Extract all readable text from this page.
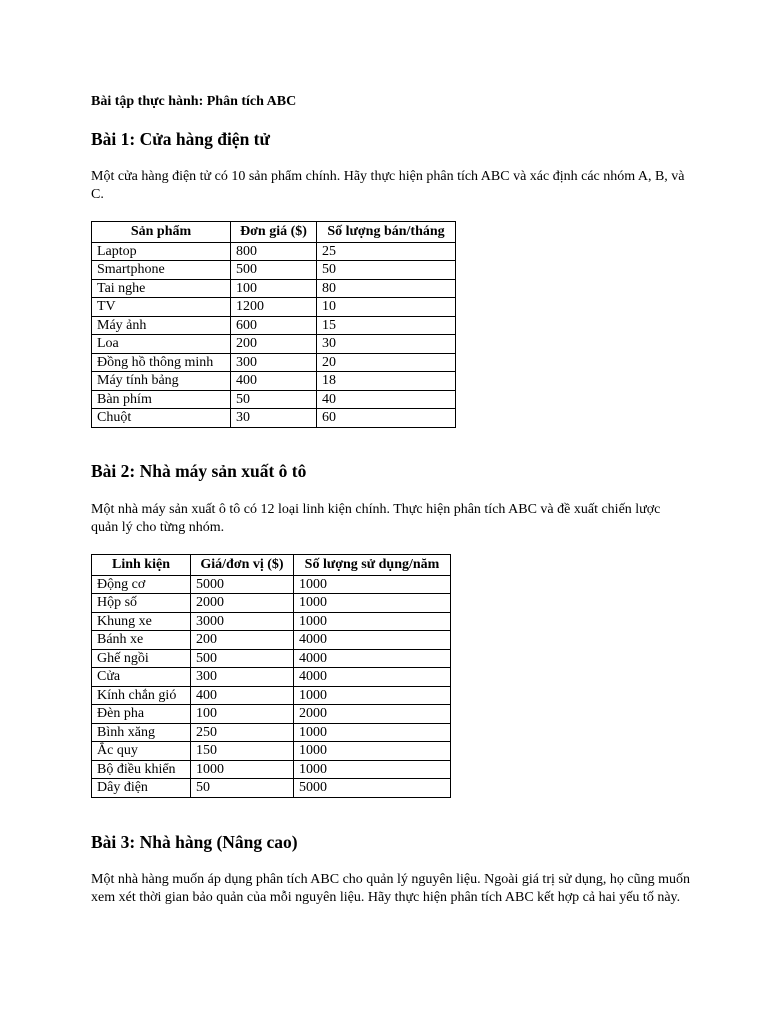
Bài tập thực hành: Phân tích ABC
Bài 1: Cửa hàng điện tử
Một cửa hàng điện tử có 10 sản phẩm chính. Hãy thực hiện phân tích ABC và xác định các nhóm A, B, và C.
Sản phẩm	Đơn giá ($)	Số lượng bán/tháng
Laptop	800	25
Smartphone	500	50
Tai nghe	100	80
TV	1200	10
Máy ảnh	600	15
Loa	200	30
Đồng hồ thông minh	300	20
Máy tính bảng	400	18
Bàn phím	50	40
Chuột	30	60
Bài 2: Nhà máy sản xuất ô tô
Một nhà máy sản xuất ô tô có 12 loại linh kiện chính. Thực hiện phân tích ABC và đề xuất chiến lược quản lý cho từng nhóm.
Linh kiện	Giá/đơn vị ($)	Số lượng sử dụng/năm
Động cơ	5000	1000
Hộp số	2000	1000
Khung xe	3000	1000
Bánh xe	200	4000
Ghế ngồi	500	4000
Cửa	300	4000
Kính chắn gió	400	1000
Đèn pha	100	2000
Bình xăng	250	1000
Ắc quy	150	1000
Bộ điều khiển	1000	1000
Dây điện	50	5000
Bài 3: Nhà hàng (Nâng cao)
Một nhà hàng muốn áp dụng phân tích ABC cho quản lý nguyên liệu. Ngoài giá trị sử dụng, họ cũng muốn xem xét thời gian bảo quản của mỗi nguyên liệu. Hãy thực hiện phân tích ABC kết hợp cả hai yếu tố này.
